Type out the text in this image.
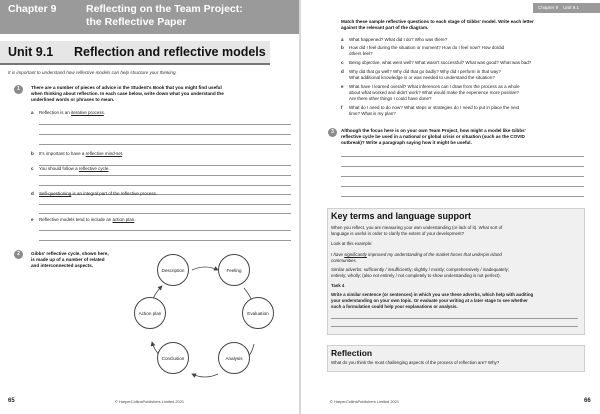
Chapter 9	Reflecting on the Team Project:
the Reflective Paper
Unit 9.1 Reflection and reflective models
It is important to understand how reflective models can help structure your thinking.
1	There are a number of pieces of advice in the Student's Book that you might find useful
when thinking about reflection. In each case below, write down what you understand the
underlined words or phrases to mean.
a Reflection is an iterative process.
b It's important to have a reflective mind-set.
c You should follow a reflective cycle.
d Self-questioning is an integral part of the reflective process.
e Reflective models tend to include an action plan.
2	Gibbs' reflective cycle, shown here,
is made up of a number of related
and interconnected aspects.
Description	Feeling
Evaluation
Analysis
Conclusion
Action plan
65	© HarperCollinsPublishers Limited 2021
Chapter 9 Unit 9.1
Match these sample reflective questions to each stage of Gibbs' model. Write each letter
against the relevant part of the diagram.
a What happened? What did I do? Who was there?
b How did I feel during the situation or moment? How do I feel now? How do/did
others feel?
c Being objective, what went well? What wasn't successful? What was good? What was bad?
d Why did that go well? Why did that go badly? Why did I perform in that way?
What additional knowledge is or was needed to understand the situation?
e What have I learned overall? What inferences can I draw from the process as a whole
about what worked and didn't work? What would make the experience more positive?
Are there other things I could have done?
f What do I need to do now? What steps or strategies do I need to put in place the next
time? What is my plan?
3	Although the focus here is on your own Team Project, how might a model like Gibbs'
reflective cycle be used in a national or global crisis or situation (such as the COVID
outbreak)? Write a paragraph saying how it might be useful.
Key terms and language support
When you reflect, you are measuring your own understanding (or lack of it). What sort of
language is useful in order to clarify the extent of your development?
Look at this example:
I have significantly improved my understanding of the market forces that underpin island
communities.
Similar adverbs: sufficiently / insufficiently; slightly / mostly; comprehensively / inadequately;
entirely; wholly; (also not entirely / not completely to show understanding is not perfect).
Task 4
Write a similar sentence (or sentences) in which you use these adverbs, which help with auditing
your understanding on your own topic. Or evaluate your writing at a later stage to see whether
such a formulation could help your explanations or analysis.
Reflection
What do you think the most challenging aspects of the process of reflection are? Why?
© HarperCollinsPublishers Limited 2021	66
